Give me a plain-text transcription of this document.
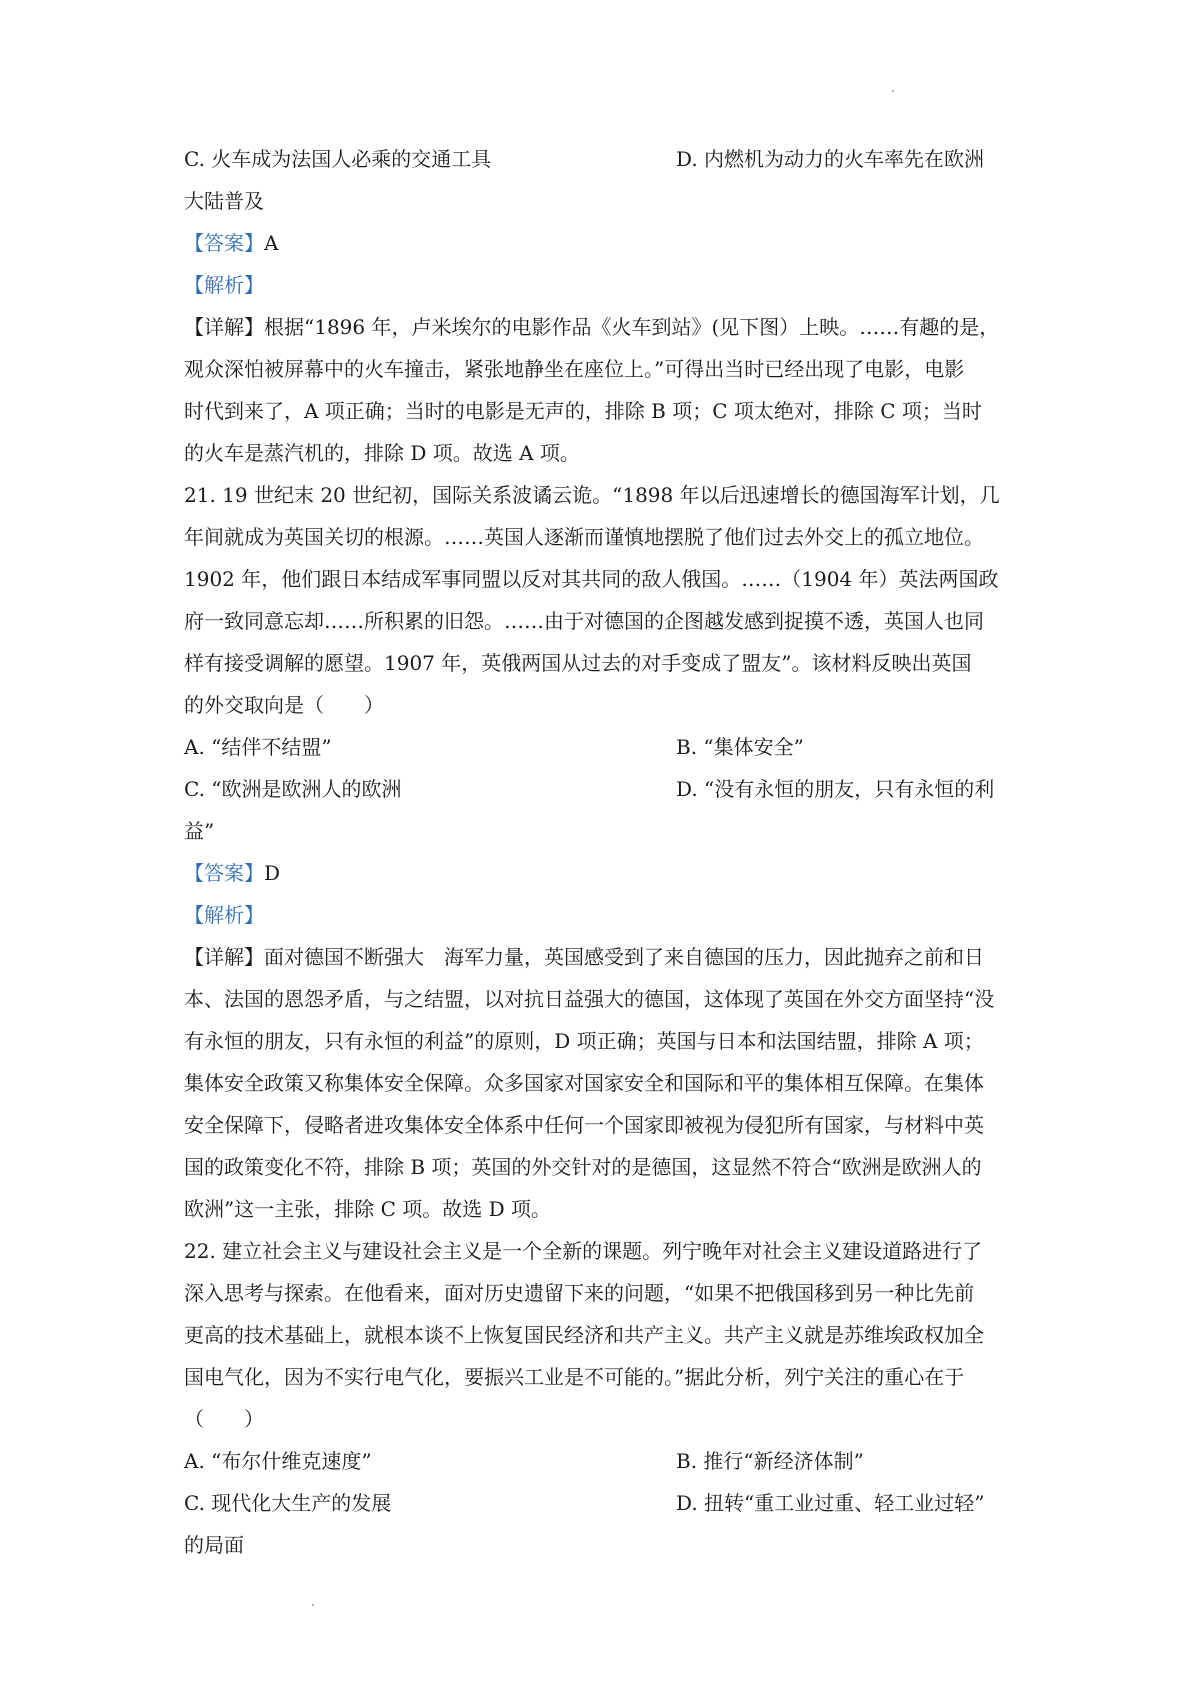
C. 火车成为法国人必乘的交通工具	D. 内燃机为动力的火车率先在欧洲
大陆普及
【答案】A
【解析】
【详解】根据“1896 年，卢米埃尔的电影作品《火车到站》(见下图）上映。……有趣的是，
观众深怕被屏幕中的火车撞击，紧张地静坐在座位上。”可得出当时已经出现了电影，电影
时代到来了，A 项正确；当时的电影是无声的，排除 B 项；C 项太绝对，排除 C 项；当时
的火车是蒸汽机的，排除 D 项。故选 A 项。
21. 19 世纪末 20 世纪初，国际关系波谲云诡。“1898 年以后迅速增长的德国海军计划，几
年间就成为英国关切的根源。……英国人逐渐而谨慎地摆脱了他们过去外交上的孤立地位。
1902 年，他们跟日本结成军事同盟以反对其共同的敌人俄国。……（1904 年）英法两国政
府一致同意忘却……所积累的旧怨。……由于对德国的企图越发感到捉摸不透，英国人也同
样有接受调解的愿望。1907 年，英俄两国从过去的对手变成了盟友”。该材料反映出英国
的外交取向是（　　）
A. “结伴不结盟”	B. “集体安全”
C. “欧洲是欧洲人的欧洲	D. “没有永恒的朋友，只有永恒的利
益”
【答案】D
【解析】
【详解】面对德国不断强大　海军力量，英国感受到了来自德国的压力，因此抛弃之前和日
本、法国的恩怨矛盾，与之结盟，以对抗日益强大的德国，这体现了英国在外交方面坚持“没
有永恒的朋友，只有永恒的利益”的原则，D 项正确；英国与日本和法国结盟，排除 A 项；
集体安全政策又称集体安全保障。众多国家对国家安全和国际和平的集体相互保障。在集体
安全保障下，侵略者进攻集体安全体系中任何一个国家即被视为侵犯所有国家，与材料中英
国的政策变化不符，排除 B 项；英国的外交针对的是德国，这显然不符合“欧洲是欧洲人的
欧洲”这一主张，排除 C 项。故选 D 项。
22. 建立社会主义与建设社会主义是一个全新的课题。列宁晚年对社会主义建设道路进行了
深入思考与探索。在他看来，面对历史遗留下来的问题，“如果不把俄国移到另一种比先前
更高的技术基础上，就根本谈不上恢复国民经济和共产主义。共产主义就是苏维埃政权加全
国电气化，因为不实行电气化，要振兴工业是不可能的。”据此分析，列宁关注的重心在于
（　　）
A. “布尔什维克速度”	B. 推行“新经济体制”
C. 现代化大生产的发展	D. 扭转“重工业过重、轻工业过轻”
的局面
